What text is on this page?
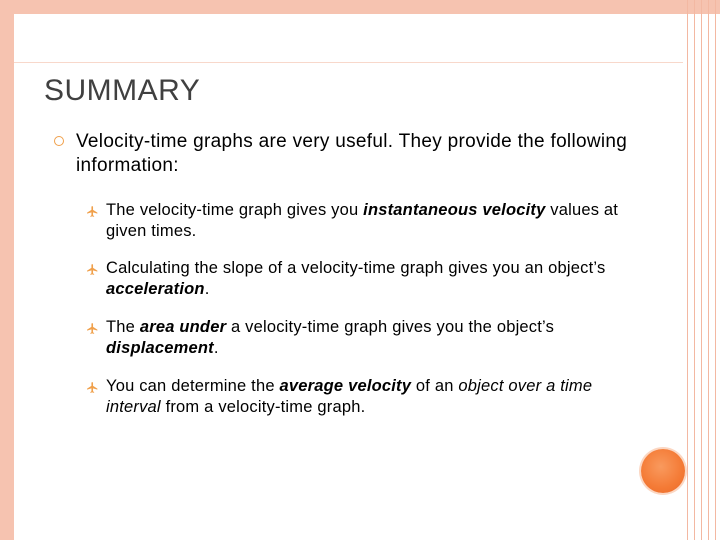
SUMMARY
Velocity-time graphs are very useful. They provide the following information:
The velocity-time graph gives you instantaneous velocity values at given times.
Calculating the slope of a velocity-time graph gives you an object’s acceleration.
The area under a velocity-time graph gives you the object’s displacement.
You can determine the average velocity of an object over a time interval from a velocity-time graph.
